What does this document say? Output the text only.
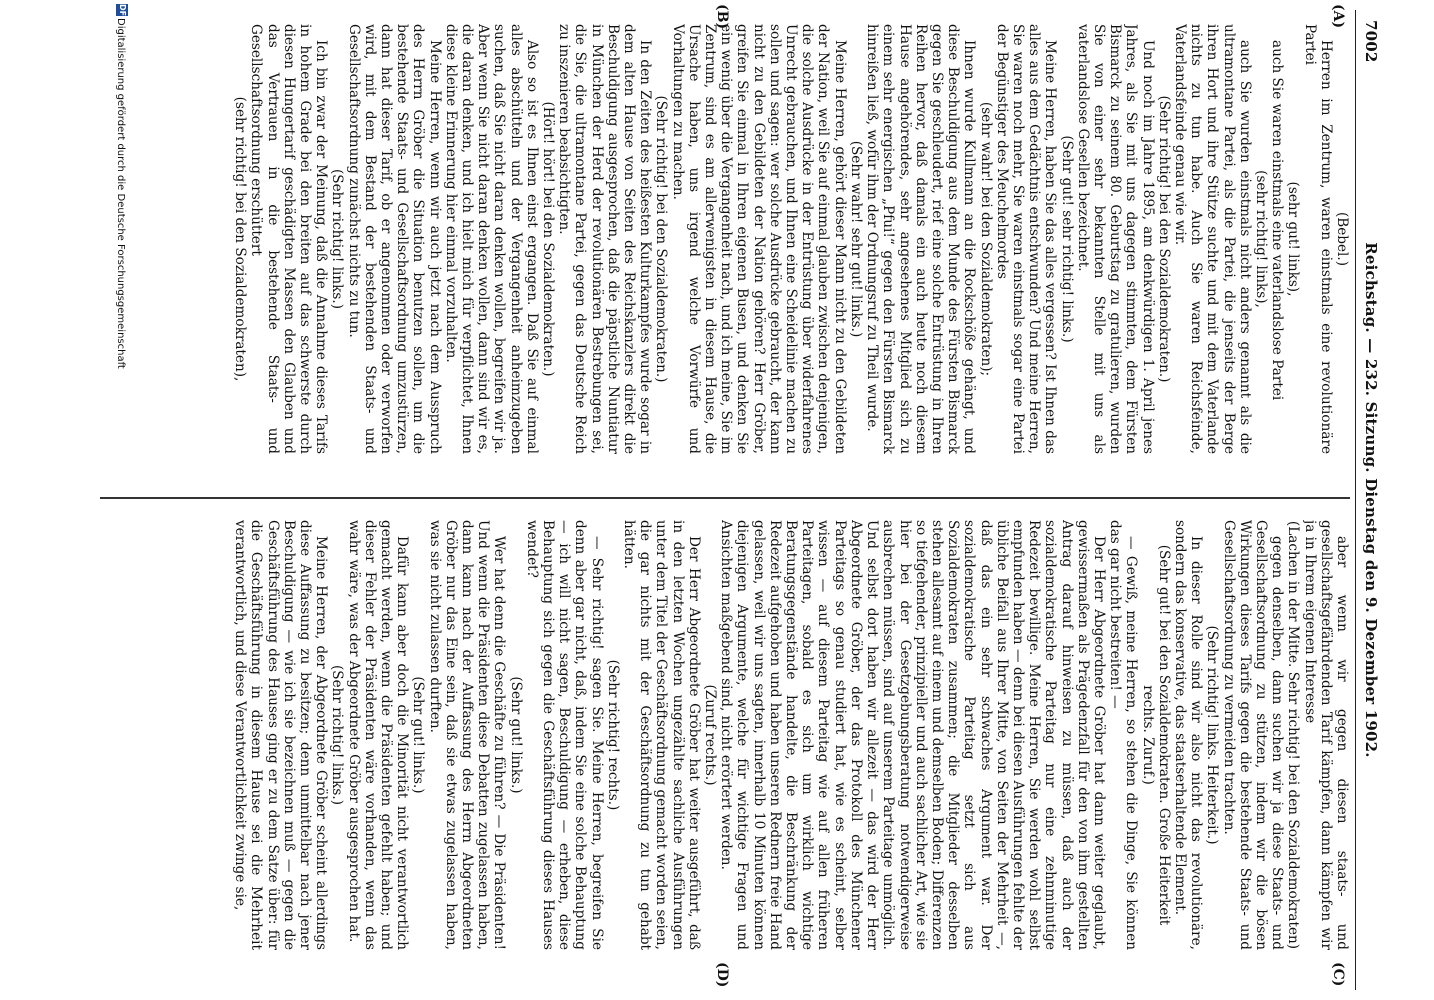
7002
Reichstag. — 232. Sitzung. Dienstag den 9. Dezember 1902.
(A)
(B)
(C)
(D)

(Bebel.)

Herren im Zentrum, waren einstmals eine revolutionäre Partei

(sehr gut! links),

auch Sie waren einstmals eine vaterlandslose Partei

(sehr richtig! links),

auch Sie wurden einstmals nicht anders genannt als die ultramontane Partei, als die Partei, die jenseits der Berge ihren Hort und ihre Stütze suchte und mit dem Vaterlande nichts zu tun habe. Auch Sie waren Reichsfeinde, Vaterlandsfeinde genau wie wir.

(Sehr richtig! bei den Sozialdemokraten.)

Und noch im Jahre 1895, am denkwürdigen 1. April jenes Jahres, als Sie mit uns dagegen stimmten, dem Fürsten Bismarck zu seinem 80. Geburtstag zu gratulieren, wurden Sie von einer sehr bekannten Stelle mit uns als vaterlandslose Gesellen bezeichnet.

(Sehr gut! sehr richtig! links.)

Meine Herren, haben Sie das alles vergessen? Ist Ihnen das alles aus dem Gedächtnis entschwunden? Und meine Herren, Sie waren noch mehr, Sie waren einstmals sogar eine Partei der Begünstiger des Meuchelmordes

(sehr wahr! bei den Sozialdemokraten);

Ihnen wurde Kullmann an die Rockschöße gehängt, und diese Beschuldigung aus dem Munde des Fürsten Bismarck gegen Sie geschleudert, rief eine solche Entrüstung in Ihren Reihen hervor, daß damals ein auch heute noch diesem Hause angehörendes, sehr angesehenes Mitglied sich zu einem sehr energischen „Pfui!“ gegen den Fürsten Bismarck hinreißen ließ, wofür ihm der Ordnungsruf zu Theil wurde.

(Sehr wahr! sehr gut! links.)

Meine Herren, gehört dieser Mann nicht zu den Gebildeten der Nation, weil Sie auf einmal glauben zwischen denjenigen, die solche Ausdrücke in der Entrüstung über widerfahrenes Unrecht gebrauchen, und Ihnen eine Scheidelinie machen zu sollen und sagen: wer solche Ausdrücke gebraucht, der kann nicht zu den Gebildeten der Nation gehören? Herr Gröber, greifen Sie einmal in Ihren eigenen Busen, und denken Sie ein wenig über die Vergangenheit nach, und ich meine, Sie im Zentrum, sind es am allerwenigsten in diesem Hause, die Ursache haben, uns irgend welche Vorwürfe und Vorhaltungen zu machen.

(Sehr richtig! bei den Sozialdemokraten.)

In den Zeiten des heißesten Kulturkampfes wurde sogar in dem alten Hause von Seiten des Reichskanzlers direkt die Beschuldigung ausgesprochen, daß die päpstliche Nuntiatur in München der Herd der revolutionären Bestrebungen sei, die Sie, die ultramontane Partei, gegen das Deutsche Reich zu inszenieren beabsichtigten.

(Hört! hört! bei den Sozialdemokraten.)

Also so ist es Ihnen einst ergangen. Daß Sie auf einmal alles abschütteln und der Vergangenheit anheimzugeben suchen, daß Sie nicht daran denken wollen, begreifen wir ja. Aber wenn Sie nicht daran denken wollen, dann sind wir es, die daran denken, und ich hielt mich für verpflichtet, Ihnen diese kleine Erinnerung hier einmal vorzuhalten.

Meine Herren, wenn wir auch jetzt nach dem Ausspruch des Herrn Gröber die Situation benutzen sollen, um die bestehende Staats- und Gesellschaftsordnung umzustürzen, dann hat dieser Tarif, ob er angenommen oder verworfen wird, mit dem Bestand der bestehenden Staats- und Gesellschaftsordnung zunächst nichts zu tun.

(Sehr richtig! links.)

Ich bin zwar der Meinung, daß die Annahme dieses Tarifs in hohem Grade bei den breiten auf das schwerste durch diesen Hungertarif geschädigten Massen den Glauben und das Vertrauen in die bestehende Staats- und Gesellschaftsordnung erschüttert

(sehr richtig! bei den Sozialdemokraten),

aber wenn wir gegen diesen staats- und gesellschaftsgefährdenden Tarif kämpfen, dann kämpfen wir ja in Ihrem eigenen Interesse

(Lachen in der Mitte. Sehr richtig! bei den Sozialdemokraten)

gegen denselben, dann suchen wir ja diese Staats- und Gesellschaftsordnung zu stützen, indem wir die bösen Wirkungen dieses Tarifs gegen die bestehende Staats- und Gesellschaftsordnung zu vermeiden trachten.

(Sehr richtig! links. Heiterkeit.)

In dieser Rolle sind wir also nicht das revolutionäre, sondern das konservative, das staatserhaltende Element.

(Sehr gut! bei den Sozialdemokraten. Große Heiterkeit rechts. Zuruf.)

— Gewiß, meine Herren, so stehen die Dinge, Sie können das gar nicht bestreiten! —

Der Herr Abgeordnete Gröber hat dann weiter geglaubt, gewissermaßen als Prägedenzfall für den von ihm gestellten Antrag darauf hinweisen zu müssen, daß auch der sozialdemokratische Parteitag nur eine zehnminutige Redezeit bewillige. Meine Herren, Sie werden wohl selbst empfunden haben — denn bei diesen Ausführungen fehlte der übliche Beifall aus Ihrer Mitte, von Seiten der Mehrheit —, daß das ein sehr schwaches Argument war. Der sozialdemokratische Parteitag setzt sich aus Sozialdemokraten zusammen; die Mitglieder desselben stehen allesamt auf einem und demselben Boden; Differenzen so tiefgehender, prinzipieller und auch sachlicher Art, wie sie hier bei der Gesetzgebungsberatung notwendigerweise ausbrechen müssen, sind auf unserem Parteitage unmöglich. Und selbst dort haben wir allezeit — das wird der Herr Abgeordnete Gröber, der das Protokoll des Münchener Parteitags so genau studiert hat, wie es scheint, selber wissen — auf diesem Parteitag wie auf allen früheren Parteitagen, sobald es sich um wirklich wichtige Beratungsgegenstände handelte, die Beschränkung der Redezeit aufgehoben und haben unseren Rednern freie Hand gelassen, weil wir uns sagten, innerhalb 10 Minuten können diejenigen Argumente, welche für wichtige Fragen und Ansichten maßgebend sind, nicht erörtert werden.

(Zuruf rechts.)

Der Herr Abgeordnete Gröber hat weiter ausgeführt, daß in den letzten Wochen ungezählte sachliche Ausführungen unter dem Titel der Geschäftsordnung gemacht worden seien, die gar nichts mit der Geschäftsordnung zu tun gehabt hätten.

(Sehr richtig! rechts.)

— Sehr richtig! sagen Sie. Meine Herren, begreifen Sie denn aber gar nicht, daß, indem Sie eine solche Behauptung — ich will nicht sagen, Beschuldigung — erheben, diese Behauptung sich gegen die Geschäftsführung dieses Hauses wendet?

(Sehr gut! links.)

Wer hat denn die Geschäfte zu führen? — Die Präsidenten! Und wenn die Präsidenten diese Debatten zugelassen haben, dann kann nach der Auffassung des Herrn Abgeordneten Gröber nur das Eine sein, daß sie etwas zugelassen haben, was sie nicht zulassen durften.

(Sehr gut! links.)

Dafür kann aber doch die Minorität nicht verantwortlich gemacht werden, wenn die Präsidenten gefehlt haben; und dieser Fehler der Präsidenten wäre vorhanden, wenn das wahr wäre, was der Abgeordnete Gröber ausgesprochen hat.

(Sehr richtig! links.)

Meine Herren, der Abgeordnete Gröber scheint allerdings diese Auffassung zu besitzen; denn unmittelbar nach jener Beschuldigung — wie ich sie bezeichnen muß — gegen die Geschäftsführung des Hauses ging er zu dem Satze über: für die Geschäftsführung in diesem Hause sei die Mehrheit verantwortlich, und diese Verantwortlichkeit zwinge sie,

DFG
Digitalisierung gefördert durch die Deutsche Forschungsgemeinschaft
